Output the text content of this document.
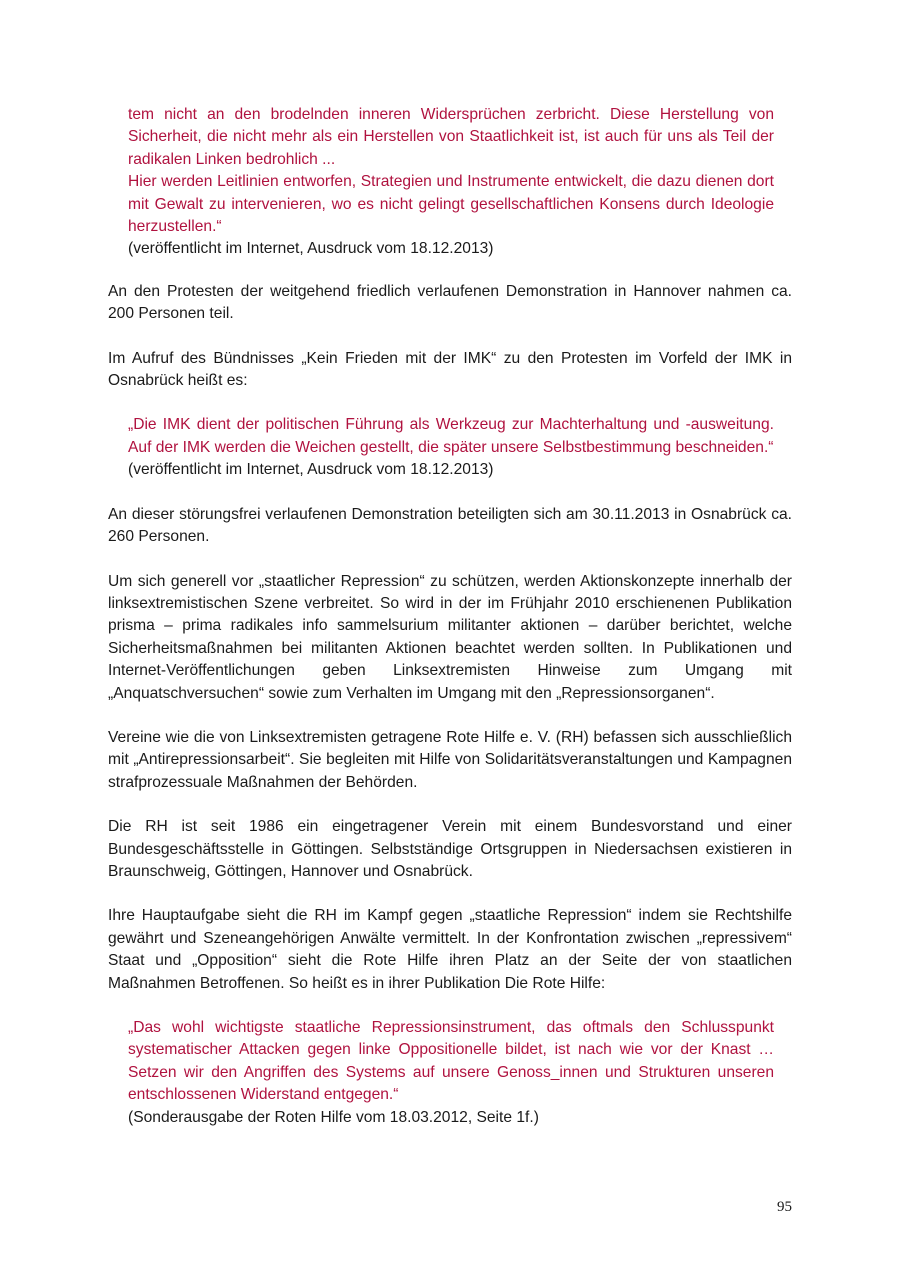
tem nicht an den brodelnden inneren Widersprüchen zerbricht. Diese Herstellung von Sicherheit, die nicht mehr als ein Herstellen von Staatlichkeit ist, ist auch für uns als Teil der radikalen Linken bedrohlich ...

Hier werden Leitlinien entworfen, Strategien und Instrumente entwickelt, die dazu dienen dort mit Gewalt zu intervenieren, wo es nicht gelingt gesellschaftlichen Konsens durch Ideologie herzustellen.“

(veröffentlicht im Internet, Ausdruck vom 18.12.2013)

An den Protesten der weitgehend friedlich verlaufenen Demonstration in Hannover nahmen ca. 200 Personen teil.

Im Aufruf des Bündnisses „Kein Frieden mit der IMK“ zu den Protesten im Vorfeld der IMK in Osnabrück heißt es:

„Die IMK dient der politischen Führung als Werkzeug zur Machterhaltung und -ausweitung. Auf der IMK werden die Weichen gestellt, die später unsere Selbstbestimmung beschneiden.“

(veröffentlicht im Internet, Ausdruck vom 18.12.2013)

An dieser störungsfrei verlaufenen Demonstration beteiligten sich am 30.11.2013 in Osnabrück ca. 260 Personen.

Um sich generell vor „staatlicher Repression“ zu schützen, werden Aktionskonzepte innerhalb der linksextremistischen Szene verbreitet. So wird in der im Frühjahr 2010 erschienenen Publikation prisma – prima radikales info sammelsurium militanter aktionen – darüber berichtet, welche Sicherheitsmaßnahmen bei militanten Aktionen beachtet werden sollten. In Publikationen und Internet-Veröffentlichungen geben Linksextremisten Hinweise zum Umgang mit „Anquatschversuchen“ sowie zum Verhalten im Umgang mit den „Repressionsorganen“.

Vereine wie die von Linksextremisten getragene Rote Hilfe e. V. (RH) befassen sich ausschließlich mit „Antirepressionsarbeit“. Sie begleiten mit Hilfe von Solidaritätsveranstaltungen und Kampagnen strafprozessuale Maßnahmen der Behörden.

Die RH ist seit 1986 ein eingetragener Verein mit einem Bundesvorstand und einer Bundesgeschäftsstelle in Göttingen. Selbstständige Ortsgruppen in Niedersachsen existieren in Braunschweig, Göttingen, Hannover und Osnabrück.

Ihre Hauptaufgabe sieht die RH im Kampf gegen „staatliche Repression“ indem sie Rechtshilfe gewährt und Szeneangehörigen Anwälte vermittelt. In der Konfrontation zwischen „repressivem“ Staat und „Opposition“ sieht die Rote Hilfe ihren Platz an der Seite der von staatlichen Maßnahmen Betroffenen. So heißt es in ihrer Publikation Die Rote Hilfe:

„Das wohl wichtigste staatliche Repressionsinstrument, das oftmals den Schlusspunkt systematischer Attacken gegen linke Oppositionelle bildet, ist nach wie vor der Knast … Setzen wir den Angriffen des Systems auf unsere Genoss_innen und Strukturen unseren entschlossenen Widerstand entgegen.“

(Sonderausgabe der Roten Hilfe vom 18.03.2012, Seite 1f.)

95
